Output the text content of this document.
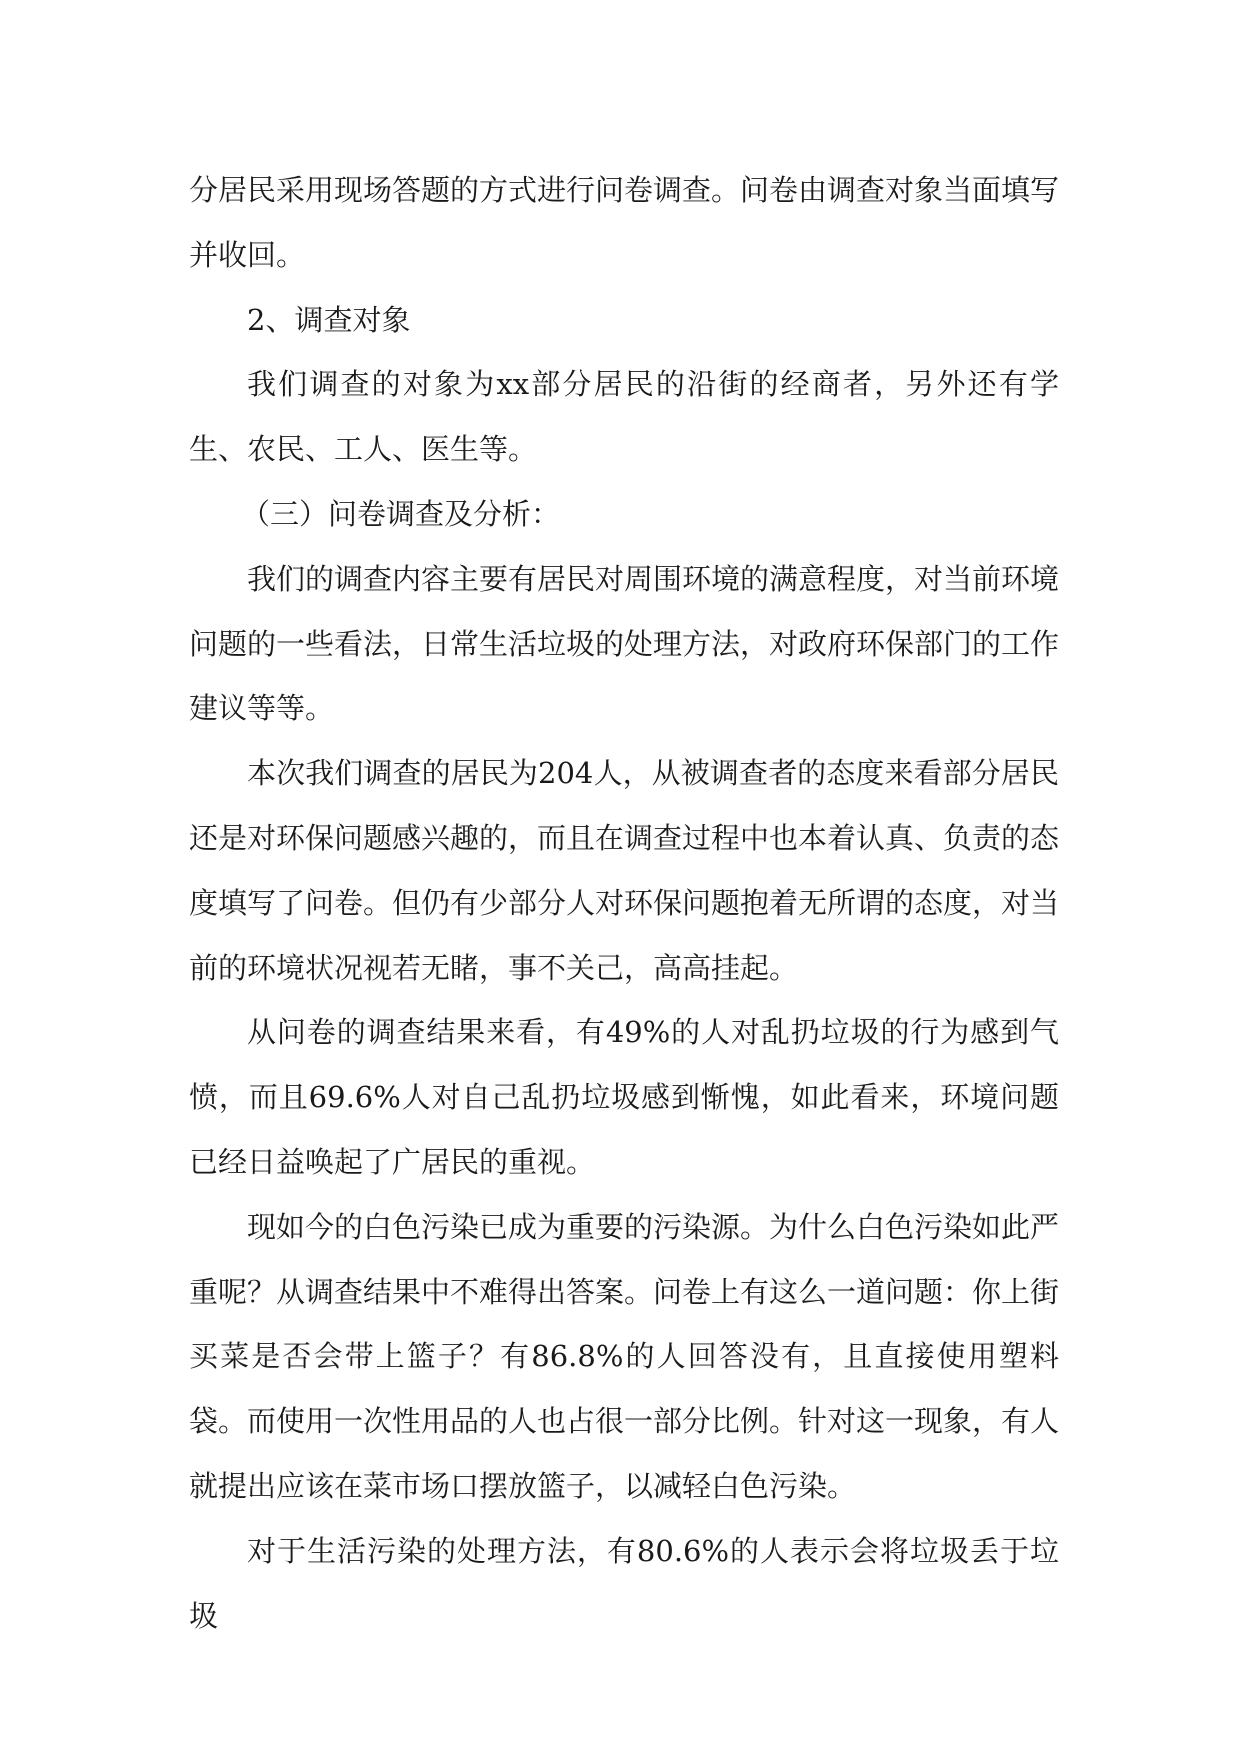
分居民采用现场答题的方式进行问卷调查。问卷由调查对象当面填写并收回。

2、调查对象

我们调查的对象为xx部分居民的沿街的经商者，另外还有学生、农民、工人、医生等。

（三）问卷调查及分析：

我们的调查内容主要有居民对周围环境的满意程度，对当前环境问题的一些看法，日常生活垃圾的处理方法，对政府环保部门的工作建议等等。

本次我们调查的居民为204人，从被调查者的态度来看部分居民还是对环保问题感兴趣的，而且在调查过程中也本着认真、负责的态度填写了问卷。但仍有少部分人对环保问题抱着无所谓的态度，对当前的环境状况视若无睹，事不关己，高高挂起。

从问卷的调查结果来看，有49%的人对乱扔垃圾的行为感到气愤，而且69.6%人对自己乱扔垃圾感到惭愧，如此看来，环境问题已经日益唤起了广居民的重视。

现如今的白色污染已成为重要的污染源。为什么白色污染如此严重呢？从调查结果中不难得出答案。问卷上有这么一道问题：你上街买菜是否会带上篮子？有86.8%的人回答没有，且直接使用塑料袋。而使用一次性用品的人也占很一部分比例。针对这一现象，有人就提出应该在菜市场口摆放篮子，以减轻白色污染。

对于生活污染的处理方法，有80.6%的人表示会将垃圾丢于垃圾
